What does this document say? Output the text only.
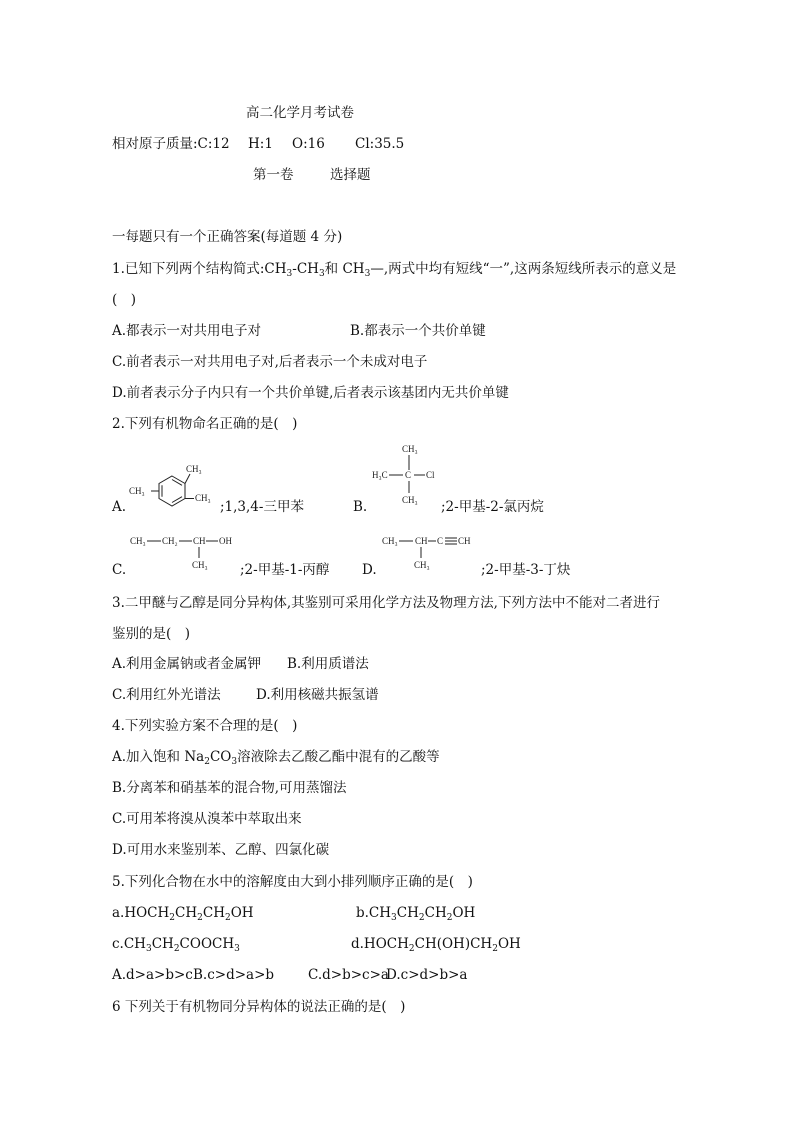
高二化学月考试卷
相对原子质量:C:12 H:1 O:16 Cl:35.5
第一卷	选择题
一每题只有一个正确答案(每道题 4 分)
1.已知下列两个结构简式$:CH_3-CH_3$和 $CH_3—$,两式中均有短线“一”,这两条短线所表示的意义是
(　)
A.都表示一对共用电子对	B.都表示一个共价单键
C.前者表示一对共用电子对,后者表示一个未成对电子
D.前者表示分子内只有一个共价单键,后者表示该基团内无共价单键
2.下列有机物命名正确的是(　)
CH₃
CH₃
CH₃
A.	;1,3,4-三甲苯
CH₃
H₃C C Cl
CH₃
B.	;2-甲基-2-氯丙烷
CH₃ CH₂ CH OH
CH₃
C.	;2-甲基-1-丙醇
CH₃ CH C CH
CH₃
D.	;2-甲基-3-丁炔
3.二甲醚与乙醇是同分异构体,其鉴别可采用化学方法及物理方法,下列方法中不能对二者进行
鉴别的是(　)
A.利用金属钠或者金属钾 B.利用质谱法
C.利用红外光谱法	D.利用核磁共振氢谱
4.下列实验方案不合理的是(　)
A.加入饱和 $Na_2CO_3$溶液除去乙酸乙酯中混有的乙酸等
B.分离苯和硝基苯的混合物,可用蒸馏法
C.可用苯将溴从溴苯中萃取出来
D.可用水来鉴别苯、乙醇、四氯化碳
5.下列化合物在水中的溶解度由大到小排列顺序正确的是(　)
$a.HOCH_2CH_2CH_2OH$	$b.CH_3CH_2CH_2OH$
$c.CH_3CH_2COOCH_3$	$d.HOCH_2CH(OH)CH_2OH$
A.d>a>b>c B.c>d>a>b	C.d>b>c>a
D.c>d>b>a
6 下列关于有机物同分异构体的说法正确的是(　)
